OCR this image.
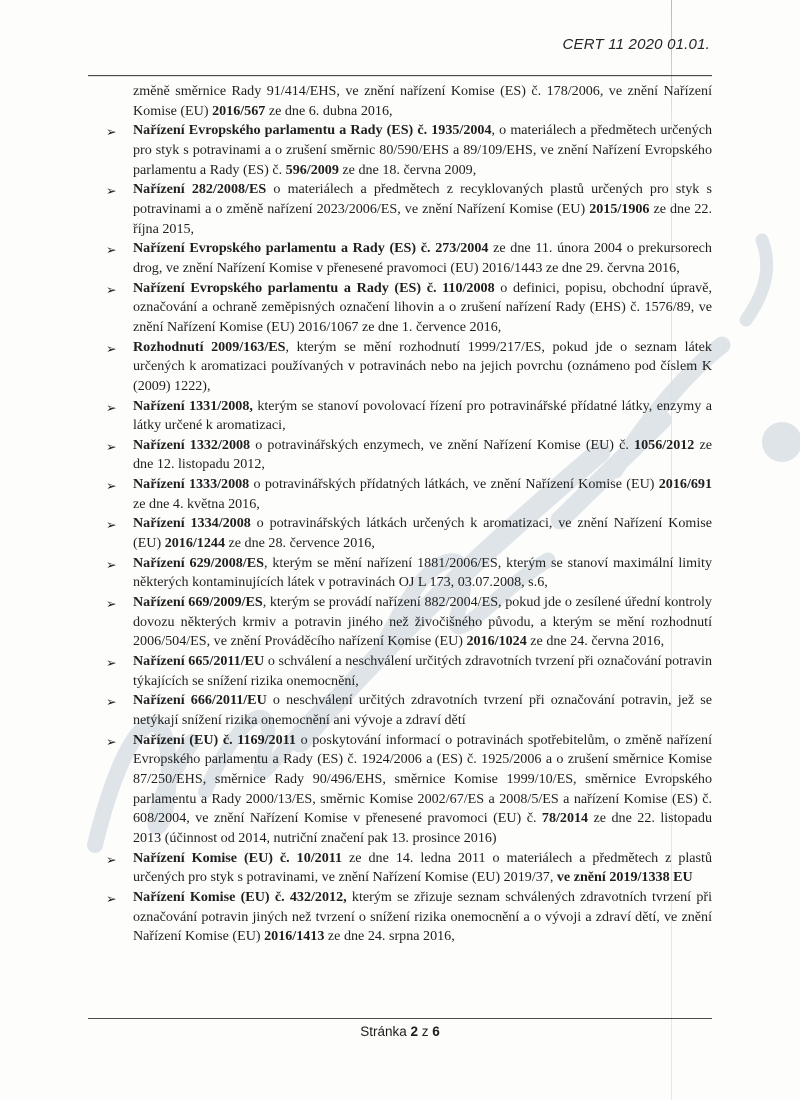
CERT 11 2020 01.01.

změně směrnice Rady 91/414/EHS, ve znění nařízení Komise (ES) č. 178/2006, ve znění Nařízení Komise (EU) 2016/567 ze dne 6. dubna 2016,

➢ Nařízení Evropského parlamentu a Rady (ES) č. 1935/2004, o materiálech a předmětech určených pro styk s potravinami a o zrušení směrnic 80/590/EHS a 89/109/EHS, ve znění Nařízení Evropského parlamentu a Rady (ES) č. 596/2009 ze dne 18. června 2009,
➢ Nařízení 282/2008/ES o materiálech a předmětech z recyklovaných plastů určených pro styk s potravinami a o změně nařízení 2023/2006/ES, ve znění Nařízení Komise (EU) 2015/1906 ze dne 22. října 2015,
➢ Nařízení Evropského parlamentu a Rady (ES) č. 273/2004 ze dne 11. února 2004 o prekursorech drog, ve znění Nařízení Komise v přenesené pravomoci (EU) 2016/1443 ze dne 29. června 2016,
➢ Nařízení Evropského parlamentu a Rady (ES) č. 110/2008 o definici, popisu, obchodní úpravě, označování a ochraně zeměpisných označení lihovin a o zrušení nařízení Rady (EHS) č. 1576/89, ve znění Nařízení Komise (EU) 2016/1067 ze dne 1. července 2016,
➢ Rozhodnutí 2009/163/ES, kterým se mění rozhodnutí 1999/217/ES, pokud jde o seznam látek určených k aromatizaci používaných v potravinách nebo na jejich povrchu (oznámeno pod číslem K (2009) 1222),
➢ Nařízení 1331/2008, kterým se stanoví povolovací řízení pro potravinářské přídatné látky, enzymy a látky určené k aromatizaci,
➢ Nařízení 1332/2008 o potravinářských enzymech, ve znění Nařízení Komise (EU) č. 1056/2012 ze dne 12. listopadu 2012,
➢ Nařízení 1333/2008 o potravinářských přídatných látkách, ve znění Nařízení Komise (EU) 2016/691 ze dne 4. května 2016,
➢ Nařízení 1334/2008 o potravinářských látkách určených k aromatizaci, ve znění Nařízení Komise (EU) 2016/1244 ze dne 28. července 2016,
➢ Nařízení 629/2008/ES, kterým se mění nařízení 1881/2006/ES, kterým se stanoví maximální limity některých kontaminujících látek v potravinách OJ L 173, 03.07.2008, s.6,
➢ Nařízení 669/2009/ES, kterým se provádí nařízení 882/2004/ES, pokud jde o zesílené úřední kontroly dovozu některých krmiv a potravin jiného než živočišného původu, a kterým se mění rozhodnutí 2006/504/ES, ve znění Prováděcího nařízení Komise (EU) 2016/1024 ze dne 24. června 2016,
➢ Nařízení 665/2011/EU o schválení a neschválení určitých zdravotních tvrzení při označování potravin týkajících se snížení rizika onemocnění,
➢ Nařízení 666/2011/EU o neschválení určitých zdravotních tvrzení při označování potravin, jež se netýkají snížení rizika onemocnění ani vývoje a zdraví dětí
➢ Nařízení (EU) č. 1169/2011 o poskytování informací o potravinách spotřebitelům, o změně nařízení Evropského parlamentu a Rady (ES) č. 1924/2006 a (ES) č. 1925/2006 a o zrušení směrnice Komise 87/250/EHS, směrnice Rady 90/496/EHS, směrnice Komise 1999/10/ES, směrnice Evropského parlamentu a Rady 2000/13/ES, směrnic Komise 2002/67/ES a 2008/5/ES a nařízení Komise (ES) č. 608/2004, ve znění Nařízení Komise v přenesené pravomoci (EU) č. 78/2014 ze dne 22. listopadu 2013 (účinnost od 2014, nutriční značení pak 13. prosince 2016)
➢ Nařízení Komise (EU) č. 10/2011 ze dne 14. ledna 2011 o materiálech a předmětech z plastů určených pro styk s potravinami, ve znění Nařízení Komise (EU) 2019/37, ve znění 2019/1338 EU
➢ Nařízení Komise (EU) č. 432/2012, kterým se zřizuje seznam schválených zdravotních tvrzení při označování potravin jiných než tvrzení o snížení rizika onemocnění a o vývoji a zdraví dětí, ve znění Nařízení Komise (EU) 2016/1413 ze dne 24. srpna 2016,
Stránka 2 z 6
